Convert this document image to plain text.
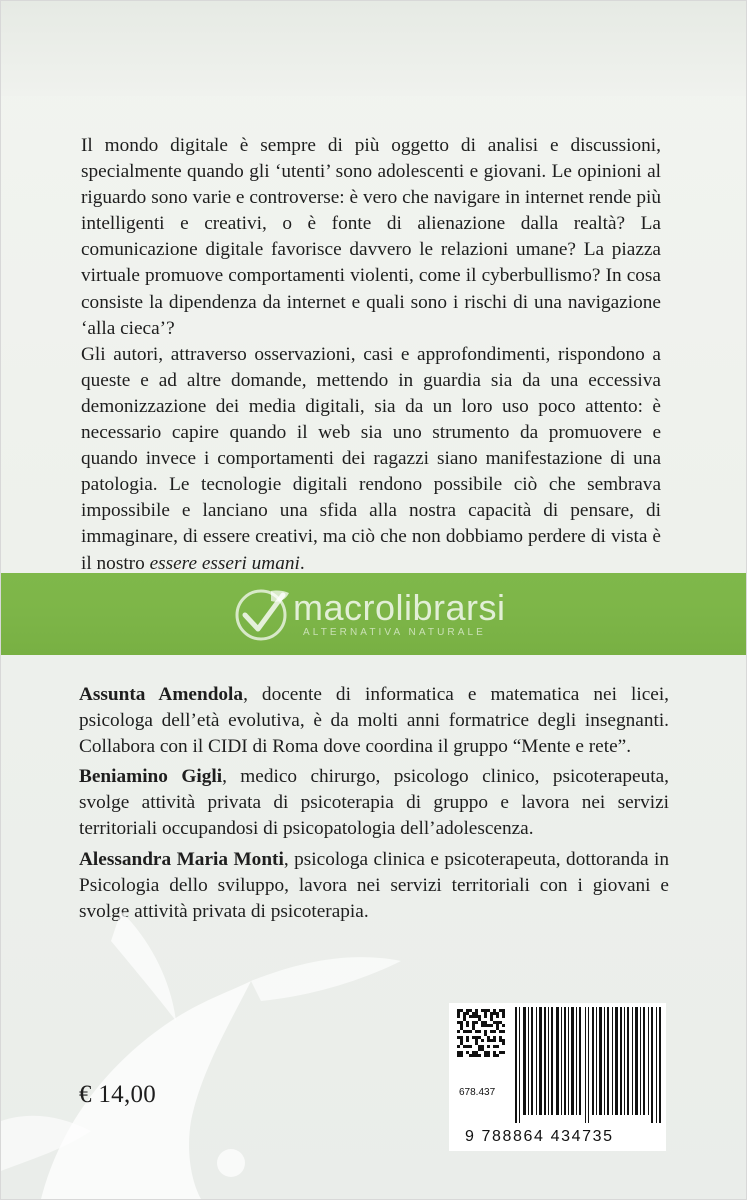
Il mondo digitale è sempre di più oggetto di analisi e discussioni, specialmente quando gli ‘utenti’ sono adolescenti e giovani. Le opinioni al riguardo sono varie e controverse: è vero che navigare in internet rende più intelligenti e creativi, o è fonte di alienazione dalla realtà? La comunicazione digitale favorisce davvero le relazioni umane? La piazza virtuale promuove comportamenti violenti, come il cyberbullismo? In cosa consiste la dipendenza da internet e quali sono i rischi di una navigazione ‘alla cieca’?

Gli autori, attraverso osservazioni, casi e approfondimenti, rispondono a queste e ad altre domande, mettendo in guardia sia da una eccessiva demonizzazione dei media digitali, sia da un loro uso poco attento: è necessario capire quando il web sia uno strumento da promuovere e quando invece i comportamenti dei ragazzi siano manifestazione di una patologia. Le tecnologie digitali rendono possibile ciò che sembrava impossibile e lanciano una sfida alla nostra capacità di pensare, di immaginare, di essere creativi, ma ciò che non dobbiamo perdere di vista è il nostro essere esseri umani.

macrolibrarsi
ALTERNATIVA NATURALE

Assunta Amendola, docente di informatica e matematica nei licei, psicologa dell’età evolutiva, è da molti anni formatrice degli insegnanti. Collabora con il CIDI di Roma dove coordina il gruppo “Mente e rete”.

Beniamino Gigli, medico chirurgo, psicologo clinico, psicoterapeuta, svolge attività privata di psicoterapia di gruppo e lavora nei servizi territoriali occupandosi di psicopatologia dell’adolescenza.

Alessandra Maria Monti, psicologa clinica e psicoterapeuta, dottoranda in Psicologia dello sviluppo, lavora nei servizi territoriali con i giovani e svolge attività privata di psicoterapia.

€ 14,00	678.437
9 788864 434735
